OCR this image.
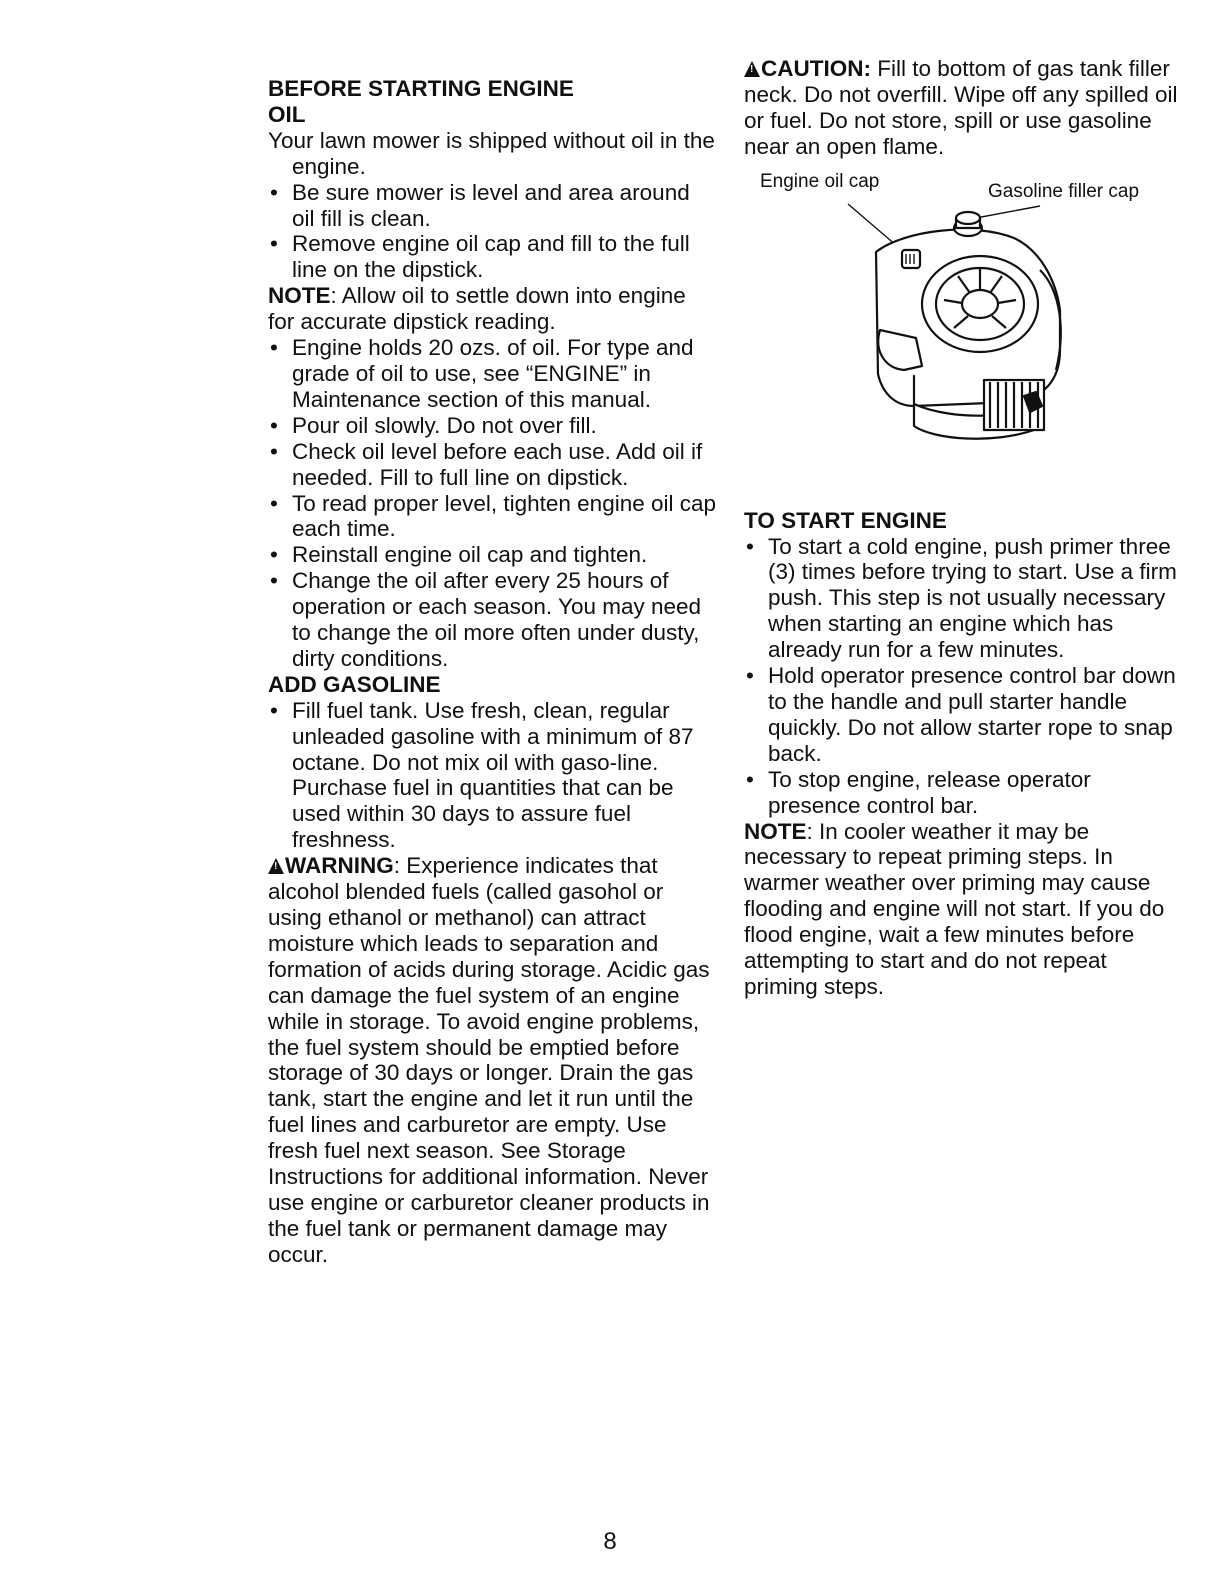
BEFORE STARTING ENGINE

OIL

Your lawn mower is shipped without oil in the engine.

• Be sure mower is level and area around oil fill is clean.
• Remove engine oil cap and fill to the full line on the dipstick.

NOTE: Allow oil to settle down into engine for accurate dipstick reading.

• Engine holds 20 ozs. of oil. For type and grade of oil to use, see “ENGINE” in Maintenance section of this manual.
• Pour oil slowly. Do not over fill.
• Check oil level before each use. Add oil if needed. Fill to full line on dipstick.
• To read proper level, tighten engine oil cap each time.
• Reinstall engine oil cap and tighten.
• Change the oil after every 25 hours of operation or each season. You may need to change the oil more often under dusty, dirty conditions.

ADD GASOLINE

• Fill fuel tank. Use fresh, clean, regular unleaded gasoline with a minimum of 87 octane. Do not mix oil with gaso-line. Purchase fuel in quantities that can be used within 30 days to assure fuel freshness.

!WARNING: Experience indicates that alcohol blended fuels (called gasohol or using ethanol or methanol) can attract moisture which leads to separation and formation of acids during storage. Acidic gas can damage the fuel system of an engine while in storage. To avoid engine problems, the fuel system should be emptied before storage of 30 days or longer. Drain the gas tank, start the engine and let it run until the fuel lines and carburetor are empty. Use fresh fuel next season. See Storage Instructions for additional information. Never use engine or carburetor cleaner products in the fuel tank or permanent damage may occur.

!CAUTION: Fill to bottom of gas tank filler neck. Do not overfill. Wipe off any spilled oil or fuel. Do not store, spill or use gasoline near an open flame.

Engine oil cap	Gasoline filler cap

TO START ENGINE

• To start a cold engine, push primer three (3) times before trying to start. Use a firm push. This step is not usually necessary when starting an engine which has already run for a few minutes.
• Hold operator presence control bar down to the handle and pull starter handle quickly. Do not allow starter rope to snap back.
• To stop engine, release operator presence control bar.

NOTE: In cooler weather it may be necessary to repeat priming steps. In warmer weather over priming may cause flooding and engine will not start. If you do flood engine, wait a few minutes before attempting to start and do not repeat priming steps.

8
